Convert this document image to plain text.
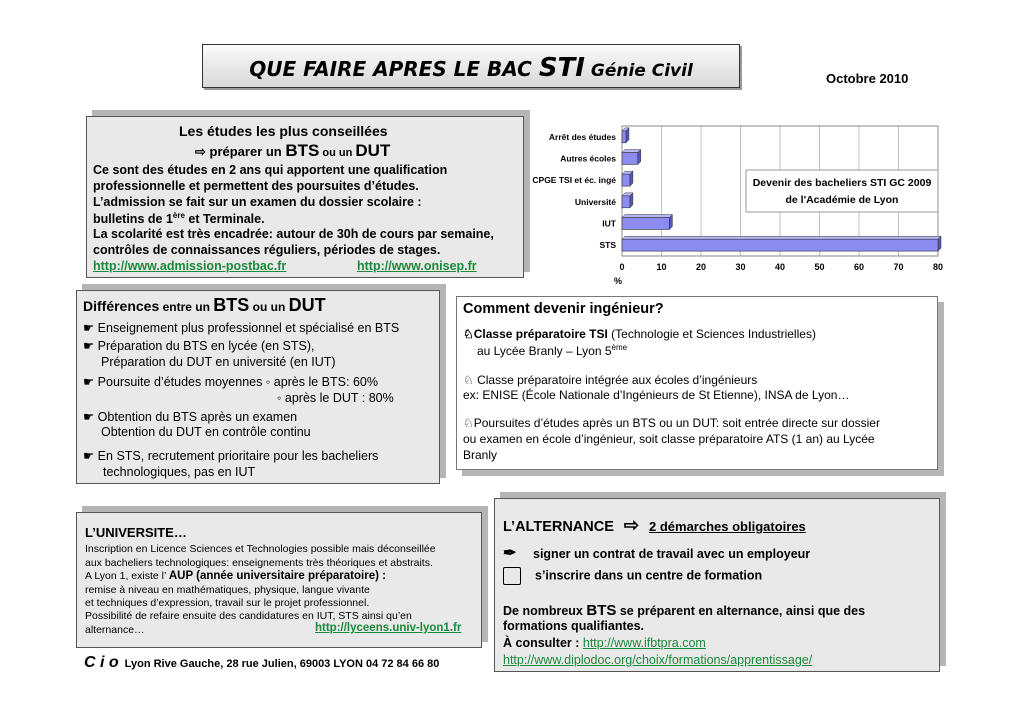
QUE FAIRE APRES LE BAC STI Génie Civil	Octobre 2010
Les études les plus conseillées
⇨ préparer un BTS ou un DUT
Ce sont des études en 2 ans qui apportent une qualification
professionnelle et permettent des poursuites d’études.
L’admission se fait sur un examen du dossier scolaire :
bulletins de 1ère et Terminale.
La scolarité est très encadrée: autour de 30h de cours par semaine,
contrôles de connaissances réguliers, périodes de stages.
http://www.admission-postbac.fr	http://www.onisep.fr
Arrêt des études
Autres écoles
CPGE TSI et éc. ingé
Université
IUT
STS
0	10	20	30	40	50	60	70	80
Devenir des bacheliers STI GC 2009
de l'Académie de Lyon
%
Différences entre un BTS ou un DUT
☛ Enseignement plus professionnel et spécialisé en BTS
☛ Préparation du BTS en lycée (en STS),
Préparation du DUT en université (en IUT)
☛ Poursuite d’études moyennes ◦ après le BTS: 60%
◦ après le DUT : 80%
☛ Obtention du BTS après un examen
Obtention du DUT en contrôle continu
☛ En STS, recrutement prioritaire pour les bacheliers
technologiques, pas en IUT
Comment devenir ingénieur?
♘Classe préparatoire TSI (Technologie et Sciences Industrielles)
au Lycée Branly – Lyon 5ème
♘ Classe préparatoire intégrée aux écoles d’ingénieurs
ex: ENISE (École Nationale d’Ingénieurs de St Etienne), INSA de Lyon…
♘Poursuites d’études après un BTS ou un DUT: soit entrée directe sur dossier
ou examen en école d’ingénieur, soit classe préparatoire ATS (1 an) au Lycée
Branly
L’UNIVERSITE…
Inscription en Licence Sciences et Technologies possible mais déconseillée
aux bacheliers technologiques: enseignements très théoriques et abstraits.
A Lyon 1, existe l’ AUP (année universitaire préparatoire) :
remise à niveau en mathématiques, physique, langue vivante
et techniques d’expression, travail sur le projet professionnel.
Possibilité de refaire ensuite des candidatures en IUT, STS ainsi qu’en
alternance…	http://lyceens.univ-lyon1.fr
L’ALTERNANCE ⇨ 2 démarches obligatoires
✒ signer un contrat de travail avec un employeur
s’inscrire dans un centre de formation
De nombreux BTS se préparent en alternance, ainsi que des
formations qualifiantes.
À consulter : http://www.ifbtpra.com
http://www.diplodoc.org/choix/formations/apprentissage/
C i o Lyon Rive Gauche, 28 rue Julien, 69003 LYON 04 72 84 66 80
